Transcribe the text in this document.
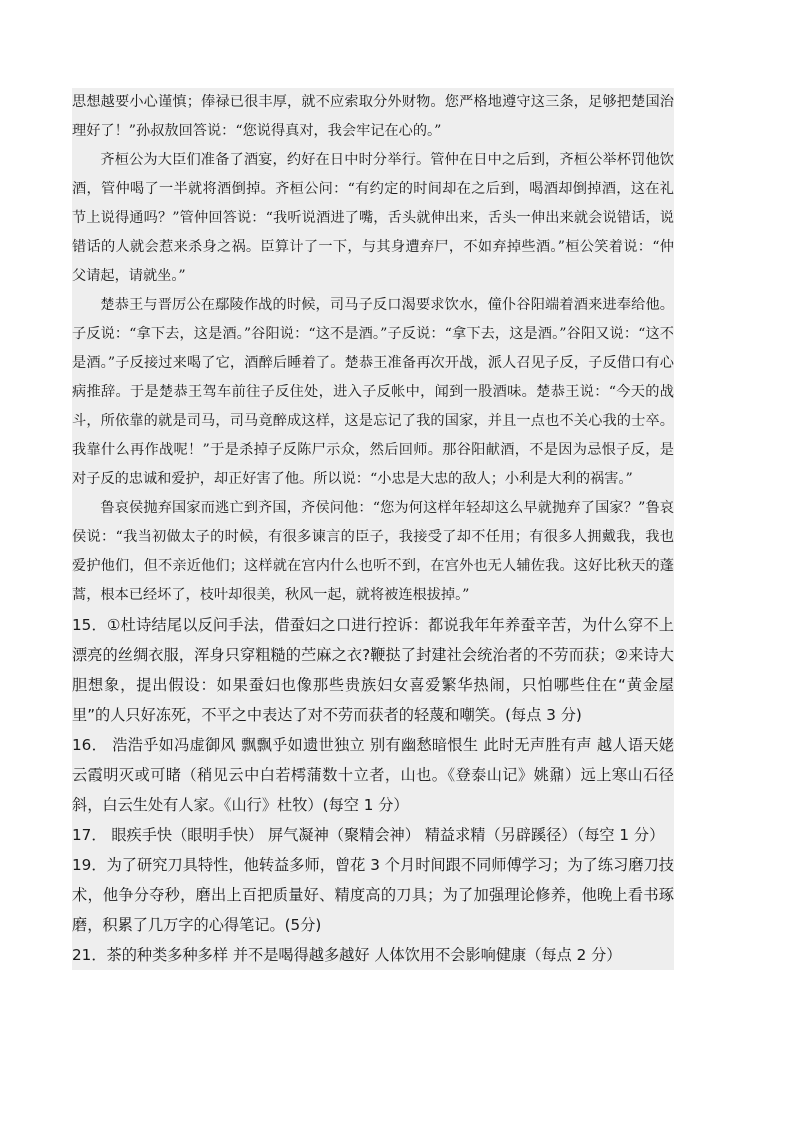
思想越要小心谨慎；俸禄已很丰厚，就不应索取分外财物。您严格地遵守这三条，足够把楚国治理好了！”孙叔敖回答说：“您说得真对，我会牢记在心的。”

齐桓公为大臣们准备了酒宴，约好在日中时分举行。管仲在日中之后到，齐桓公举杯罚他饮酒，管仲喝了一半就将酒倒掉。齐桓公问：“有约定的时间却在之后到，喝酒却倒掉酒，这在礼节上说得通吗？”管仲回答说：“我听说酒进了嘴，舌头就伸出来，舌头一伸出来就会说错话，说错话的人就会惹来杀身之祸。臣算计了一下，与其身遭弃尸，不如弃掉些酒。”桓公笑着说：“仲父请起，请就坐。”

楚恭王与晋厉公在鄢陵作战的时候，司马子反口渴要求饮水，僮仆谷阳端着酒来进奉给他。子反说：“拿下去，这是酒。”谷阳说：“这不是酒。”子反说：“拿下去，这是酒。”谷阳又说：“这不是酒。”子反接过来喝了它，酒醉后睡着了。楚恭王准备再次开战，派人召见子反，子反借口有心病推辞。于是楚恭王驾车前往子反住处，进入子反帐中，闻到一股酒味。楚恭王说：“今天的战斗，所依靠的就是司马，司马竟醉成这样，这是忘记了我的国家，并且一点也不关心我的士卒。我靠什么再作战呢！”于是杀掉子反陈尸示众，然后回师。那谷阳献酒，不是因为忌恨子反，是对子反的忠诚和爱护，却正好害了他。所以说：“小忠是大忠的敌人；小利是大利的祸害。”

鲁哀侯抛弃国家而逃亡到齐国，齐侯问他：“您为何这样年轻却这么早就抛弃了国家？”鲁哀侯说：“我当初做太子的时候，有很多谏言的臣子，我接受了却不任用；有很多人拥戴我，我也爱护他们，但不亲近他们；这样就在宫内什么也听不到，在宫外也无人辅佐我。这好比秋天的蓬蒿，根本已经坏了，枝叶却很美，秋风一起，就将被连根拔掉。”

15．①杜诗结尾以反问手法，借蚕妇之口进行控诉：都说我年年养蚕辛苦，为什么穿不上漂亮的丝绸衣服，浑身只穿粗糙的苎麻之衣?鞭挞了封建社会统治者的不劳而获；②来诗大胆想象，提出假设：如果蚕妇也像那些贵族妇女喜爱繁华热闹，只怕哪些住在“黄金屋里”的人只好冻死，不平之中表达了对不劳而获者的轻蔑和嘲笑。(每点 3 分)

16． 浩浩乎如冯虚御风 飘飘乎如遗世独立 别有幽愁暗恨生 此时无声胜有声 越人语天姥 云霞明灭或可睹（稍见云中白若樗蒲数十立者，山也。《登泰山记》姚鼐）远上寒山石径斜，白云生处有人家。《山行》杜牧）(每空 1 分）

17． 眼疾手快（眼明手快） 屏气凝神（聚精会神） 精益求精（另辟蹊径）（每空 1 分）

19．为了研究刀具特性，他转益多师，曾花 3 个月时间跟不同师傅学习；为了练习磨刀技术，他争分夺秒，磨出上百把质量好、精度高的刀具；为了加强理论修养，他晚上看书琢磨，积累了几万字的心得笔记。(5分)

21．茶的种类多种多样 并不是喝得越多越好 人体饮用不会影响健康（每点 2 分）
